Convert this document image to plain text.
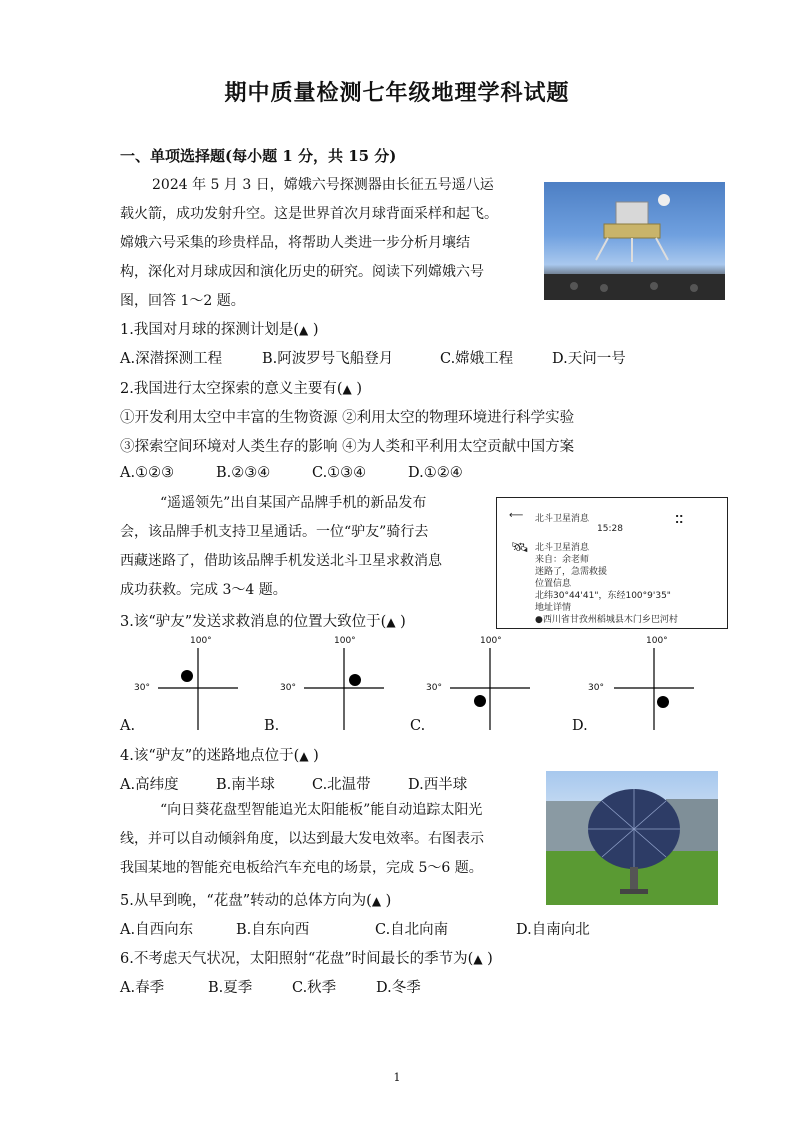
期中质量检测七年级地理学科试题
一、单项选择题(每小题 1 分，共 15 分)
2024 年 5 月 3 日，嫦娥六号探测器由长征五号遥八运
载火箭，成功发射升空。这是世界首次月球背面采样和起飞。
嫦娥六号采集的珍贵样品，将帮助人类进一步分析月壤结
构，深化对月球成因和演化历史的研究。阅读下列嫦娥六号
图，回答 1～2 题。
1.我国对月球的探测计划是(▲ )
A.深潜探测工程	B.阿波罗号飞船登月	C.嫦娥工程	D.天问一号
2.我国进行太空探索的意义主要有(▲ )
①开发利用太空中丰富的生物资源 ②利用太空的物理环境进行科学实验
③探索空间环境对人类生存的影响 ④为人类和平利用太空贡献中国方案
A.①②③	B.②③④	C.①③④	D.①②④
“遥遥领先”出自某国产品牌手机的新品发布
会，该品牌手机支持卫星通话。一位“驴友”骑行去
西藏迷路了，借助该品牌手机发送北斗卫星求救消息
成功获救。完成 3～4 题。
⟵ 北斗卫星消息
15:28
⁚⁚
🛰 北斗卫星消息
来自：余老师
迷路了，急需救援
位置信息
北纬30°44'41"，东经100°9'35"
地址详情
●西川省甘孜州稻城县木门乡巴河村
3.该“驴友”发送求救消息的位置大致位于(▲ )
100°
30°
A.
100°
30°
B.
100°
30°
C.
100°
30°
D.
4.该“驴友”的迷路地点位于(▲ )
A.高纬度	B.南半球	C.北温带	D.西半球
“向日葵花盘型智能追光太阳能板”能自动追踪太阳光
线，并可以自动倾斜角度，以达到最大发电效率。右图表示
我国某地的智能充电板给汽车充电的场景，完成 5～6 题。
5.从早到晚，“花盘”转动的总体方向为(▲ )
A.自西向东	B.自东向西	C.自北向南	D.自南向北
6.不考虑天气状况，太阳照射“花盘”时间最长的季节为(▲ )
A.春季	B.夏季	C.秋季	D.冬季
1
